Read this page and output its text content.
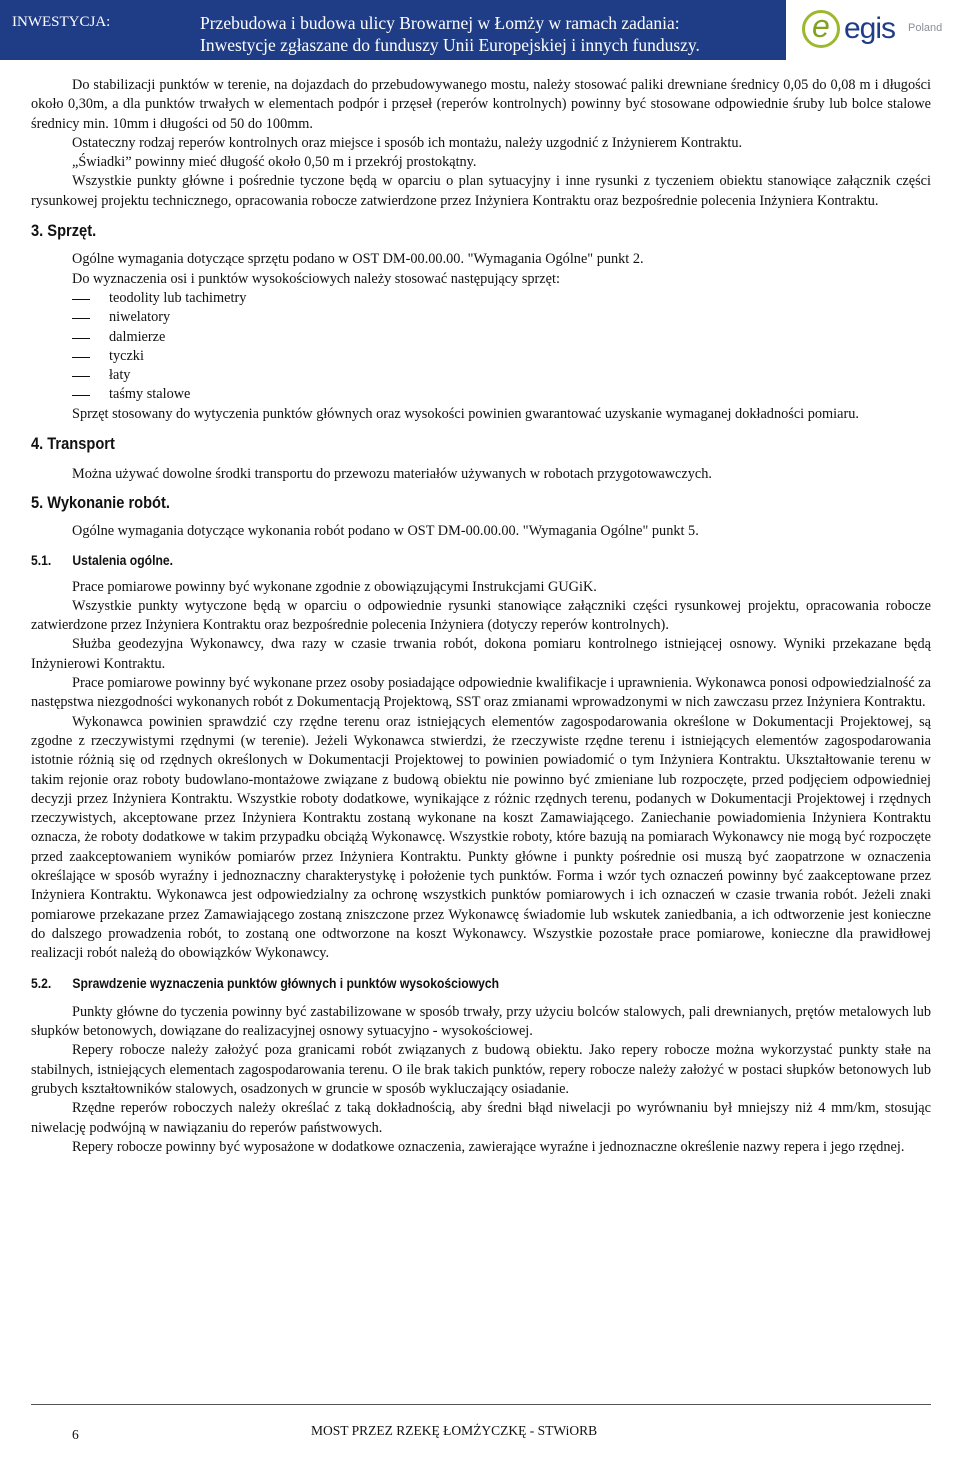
INWESTYCJA:	Przebudowa i budowa ulicy Browarnej w Łomży w ramach zadania:
Inwestycje zgłaszane do funduszy Unii Europejskiej i innych funduszy.
e egis Poland

Do stabilizacji punktów w terenie, na dojazdach do przebudowywanego mostu, należy stosować paliki drewniane średnicy 0,05 do 0,08 m i długości około 0,30m, a dla punktów trwałych w elementach podpór i przęseł (reperów kontrolnych) powinny być stosowane odpowiednie śruby lub bolce stalowe średnicy min. 10mm i długości od 50 do 100mm.

Ostateczny rodzaj reperów kontrolnych oraz miejsce i sposób ich montażu, należy uzgodnić z Inżynierem Kontraktu.

„Świadki” powinny mieć długość około 0,50 m i przekrój prostokątny.

Wszystkie punkty główne i pośrednie tyczone będą w oparciu o plan sytuacyjny i inne rysunki z tyczeniem obiektu stanowiące załącznik części rysunkowej projektu technicznego, opracowania robocze zatwierdzone przez Inżyniera Kontraktu oraz bezpośrednie polecenia Inżyniera Kontraktu.

3. Sprzęt.

Ogólne wymagania dotyczące sprzętu podano w OST DM-00.00.00. "Wymagania Ogólne" punkt 2.

Do wyznaczenia osi i punktów wysokościowych należy stosować następujący sprzęt:

teodolity lub tachimetry
niwelatory
dalmierze
tyczki
łaty
taśmy stalowe

Sprzęt stosowany do wytyczenia punktów głównych oraz wysokości powinien gwarantować uzyskanie wymaganej dokładności pomiaru.

4. Transport

Można używać dowolne środki transportu do przewozu materiałów używanych w robotach przygotowawczych.

5. Wykonanie robót.

Ogólne wymagania dotyczące wykonania robót podano w OST DM-00.00.00. "Wymagania Ogólne" punkt 5.

5.1. Ustalenia ogólne.

Prace pomiarowe powinny być wykonane zgodnie z obowiązującymi Instrukcjami GUGiK.

Wszystkie punkty wytyczone będą w oparciu o odpowiednie rysunki stanowiące załączniki części rysunkowej projektu, opracowania robocze zatwierdzone przez Inżyniera Kontraktu oraz bezpośrednie polecenia Inżyniera (dotyczy reperów kontrolnych).

Służba geodezyjna Wykonawcy, dwa razy w czasie trwania robót, dokona pomiaru kontrolnego istniejącej osnowy. Wyniki przekazane będą Inżynierowi Kontraktu.

Prace pomiarowe powinny być wykonane przez osoby posiadające odpowiednie kwalifikacje i uprawnienia. Wykonawca ponosi odpowiedzialność za następstwa niezgodności wykonanych robót z Dokumentacją Projektową, SST oraz zmianami wprowadzonymi w nich zawczasu przez Inżyniera Kontraktu.

Wykonawca powinien sprawdzić czy rzędne terenu oraz istniejących elementów zagospodarowania określone w Dokumentacji Projektowej, są zgodne z rzeczywistymi rzędnymi (w terenie). Jeżeli Wykonawca stwierdzi, że rzeczywiste rzędne terenu i istniejących elementów zagospodarowania istotnie różnią się od rzędnych określonych w Dokumentacji Projektowej to powinien powiadomić o tym Inżyniera Kontraktu. Ukształtowanie terenu w takim rejonie oraz roboty budowlano-montażowe związane z budową obiektu nie powinno być zmieniane lub rozpoczęte, przed podjęciem odpowiedniej decyzji przez Inżyniera Kontraktu. Wszystkie roboty dodatkowe, wynikające z różnic rzędnych terenu, podanych w Dokumentacji Projektowej i rzędnych rzeczywistych, akceptowane przez Inżyniera Kontraktu zostaną wykonane na koszt Zamawiającego. Zaniechanie powiadomienia Inżyniera Kontraktu oznacza, że roboty dodatkowe w takim przypadku obciążą Wykonawcę. Wszystkie roboty, które bazują na pomiarach Wykonawcy nie mogą być rozpoczęte przed zaakceptowaniem wyników pomiarów przez Inżyniera Kontraktu. Punkty główne i punkty pośrednie osi muszą być zaopatrzone w oznaczenia określające w sposób wyraźny i jednoznaczny charakterystykę i położenie tych punktów. Forma i wzór tych oznaczeń powinny być zaakceptowane przez Inżyniera Kontraktu. Wykonawca jest odpowiedzialny za ochronę wszystkich punktów pomiarowych i ich oznaczeń w czasie trwania robót. Jeżeli znaki pomiarowe przekazane przez Zamawiającego zostaną zniszczone przez Wykonawcę świadomie lub wskutek zaniedbania, a ich odtworzenie jest konieczne do dalszego prowadzenia robót, to zostaną one odtworzone na koszt Wykonawcy. Wszystkie pozostałe prace pomiarowe, konieczne dla prawidłowej realizacji robót należą do obowiązków Wykonawcy.

5.2. Sprawdzenie wyznaczenia punktów głównych i punktów wysokościowych

Punkty główne do tyczenia powinny być zastabilizowane w sposób trwały, przy użyciu bolców stalowych, pali drewnianych, prętów metalowych lub słupków betonowych, dowiązane do realizacyjnej osnowy sytuacyjno - wysokościowej.

Repery robocze należy założyć poza granicami robót związanych z budową obiektu. Jako repery robocze można wykorzystać punkty stałe na stabilnych, istniejących elementach zagospodarowania terenu. O ile brak takich punktów, repery robocze należy założyć w postaci słupków betonowych lub grubych kształtowników stalowych, osadzonych w gruncie w sposób wykluczający osiadanie.

Rzędne reperów roboczych należy określać z taką dokładnością, aby średni błąd niwelacji po wyrównaniu był mniejszy niż 4 mm/km, stosując niwelację podwójną w nawiązaniu do reperów państwowych.

Repery robocze powinny być wyposażone w dodatkowe oznaczenia, zawierające wyraźne i jednoznaczne określenie nazwy repera i jego rzędnej.

6	MOST PRZEZ RZEKĘ ŁOMŻYCZKĘ - STWiORB
